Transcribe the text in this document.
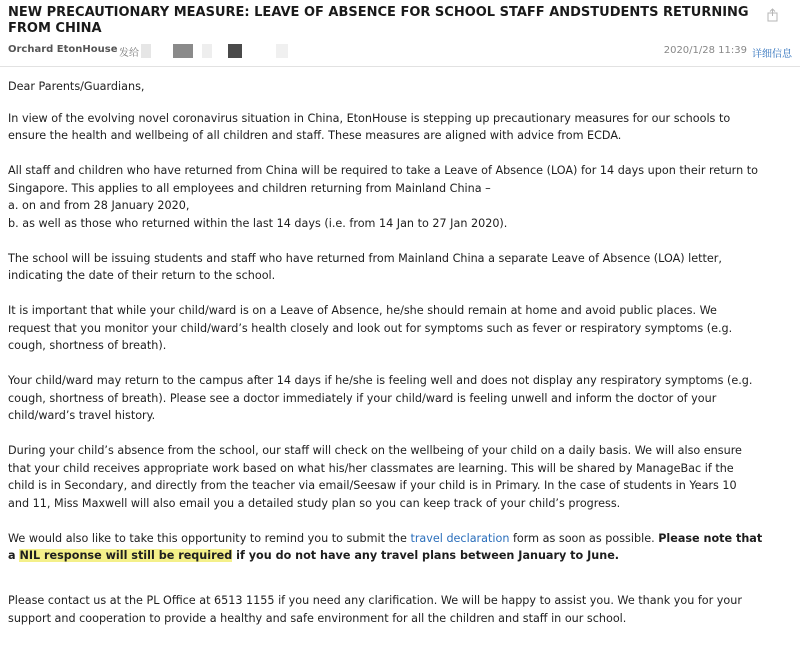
NEW PRECAUTIONARY MEASURE: LEAVE OF ABSENCE FOR SCHOOL STAFF ANDSTUDENTS RETURNING
FROM CHINA
Orchard EtonHouse 发给	2020/1/28 11:39 详细信息

Dear Parents/Guardians,

In view of the evolving novel coronavirus situation in China, EtonHouse is stepping up precautionary measures for our schools to
ensure the health and wellbeing of all children and staff. These measures are aligned with advice from ECDA.

All staff and children who have returned from China will be required to take a Leave of Absence (LOA) for 14 days upon their return to
Singapore. This applies to all employees and children returning from Mainland China –
a. on and from 28 January 2020,
b. as well as those who returned within the last 14 days (i.e. from 14 Jan to 27 Jan 2020).

The school will be issuing students and staff who have returned from Mainland China a separate Leave of Absence (LOA) letter,
indicating the date of their return to the school.

It is important that while your child/ward is on a Leave of Absence, he/she should remain at home and avoid public places. We
request that you monitor your child/ward’s health closely and look out for symptoms such as fever or respiratory symptoms (e.g.
cough, shortness of breath).

Your child/ward may return to the campus after 14 days if he/she is feeling well and does not display any respiratory symptoms (e.g.
cough, shortness of breath). Please see a doctor immediately if your child/ward is feeling unwell and inform the doctor of your
child/ward’s travel history.

During your child’s absence from the school, our staff will check on the wellbeing of your child on a daily basis. We will also ensure
that your child receives appropriate work based on what his/her classmates are learning. This will be shared by ManageBac if the
child is in Secondary, and directly from the teacher via email/Seesaw if your child is in Primary. In the case of students in Years 10
and 11, Miss Maxwell will also email you a detailed study plan so you can keep track of your child’s progress.

We would also like to take this opportunity to remind you to submit the travel declaration form as soon as possible. Please note that
a NIL response will still be required if you do not have any travel plans between January to June.

Please contact us at the PL Office at 6513 1155 if you need any clarification. We will be happy to assist you. We thank you for your
support and cooperation to provide a healthy and safe environment for all the children and staff in our school.
